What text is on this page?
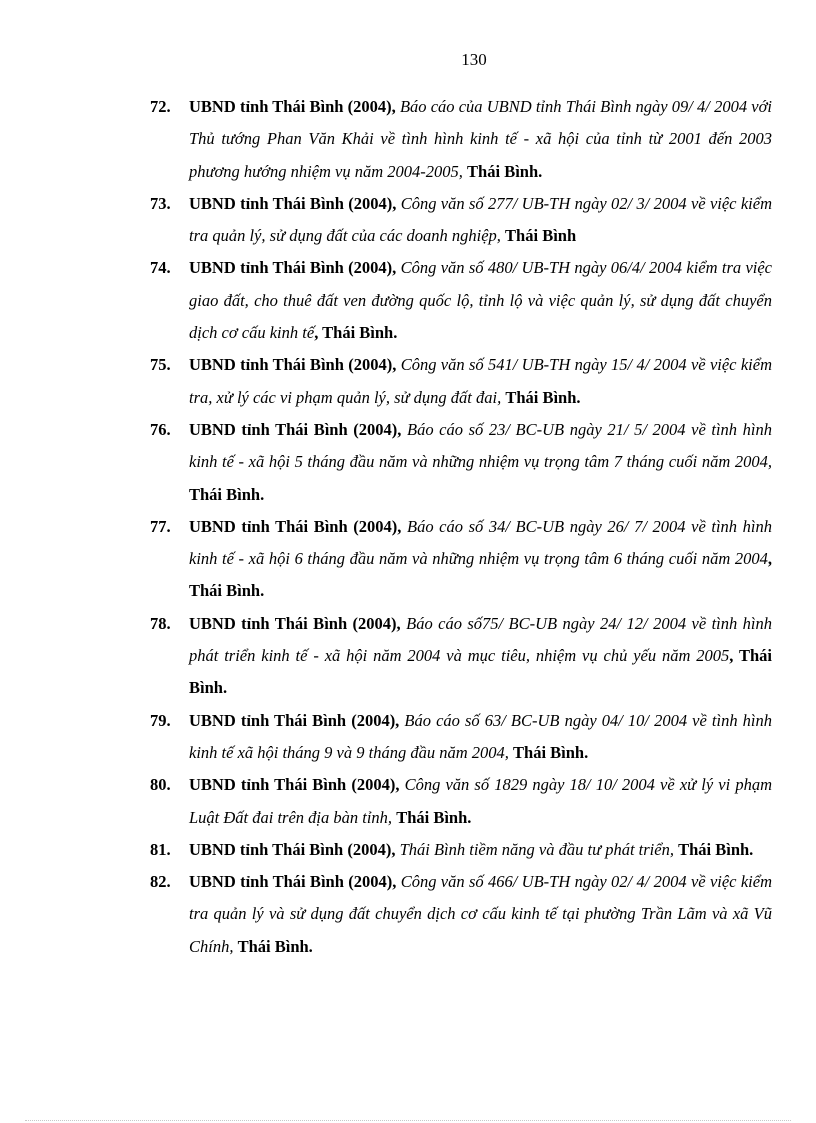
130
72. UBND tỉnh Thái Bình (2004), Báo cáo của UBND tỉnh Thái Bình ngày 09/ 4/ 2004 với Thủ tướng Phan Văn Khải về tình hình kinh tế - xã hội của tỉnh từ 2001 đến 2003 phương hướng nhiệm vụ năm 2004-2005, Thái Bình.
73. UBND tỉnh Thái Bình (2004), Công văn số 277/ UB-TH ngày 02/ 3/ 2004 về việc kiểm tra quản lý, sử dụng đất của các doanh nghiệp, Thái Bình
74. UBND tỉnh Thái Bình (2004), Công văn số 480/ UB-TH ngày 06/4/ 2004 kiểm tra việc giao đất, cho thuê đất ven đường quốc lộ, tỉnh lộ và việc quản lý, sử dụng đất chuyển dịch cơ cấu kinh tế, Thái Bình.
75. UBND tỉnh Thái Bình (2004), Công văn số 541/ UB-TH ngày 15/ 4/ 2004 về việc kiểm tra, xử lý các vi phạm quản lý, sử dụng đất đai, Thái Bình.
76. UBND tỉnh Thái Bình (2004), Báo cáo số 23/ BC-UB ngày 21/ 5/ 2004 về tình hình kinh tế - xã hội 5 tháng đầu năm và những nhiệm vụ trọng tâm 7 tháng cuối năm 2004, Thái Bình.
77. UBND tỉnh Thái Bình (2004), Báo cáo số 34/ BC-UB ngày 26/ 7/ 2004 về tình hình kinh tế - xã hội 6 tháng đầu năm và những nhiệm vụ trọng tâm 6 tháng cuối năm 2004, Thái Bình.
78. UBND tỉnh Thái Bình (2004), Báo cáo số75/ BC-UB ngày 24/ 12/ 2004 về tình hình phát triển kinh tế - xã hội năm 2004 và mục tiêu, nhiệm vụ chủ yếu năm 2005, Thái Bình.
79. UBND tỉnh Thái Bình (2004), Báo cáo số 63/ BC-UB ngày 04/ 10/ 2004 về tình hình kinh tế xã hội tháng 9 và 9 tháng đầu năm 2004, Thái Bình.
80. UBND tỉnh Thái Bình (2004), Công văn số 1829 ngày 18/ 10/ 2004 về xử lý vi phạm Luật Đất đai trên địa bàn tỉnh, Thái Bình.
81. UBND tỉnh Thái Bình (2004), Thái Bình tiềm năng và đầu tư phát triển, Thái Bình.
82. UBND tỉnh Thái Bình (2004), Công văn số 466/ UB-TH ngày 02/ 4/ 2004 về việc kiểm tra quản lý và sử dụng đất chuyển dịch cơ cấu kinh tế tại phường Trần Lãm và xã Vũ Chính, Thái Bình.
